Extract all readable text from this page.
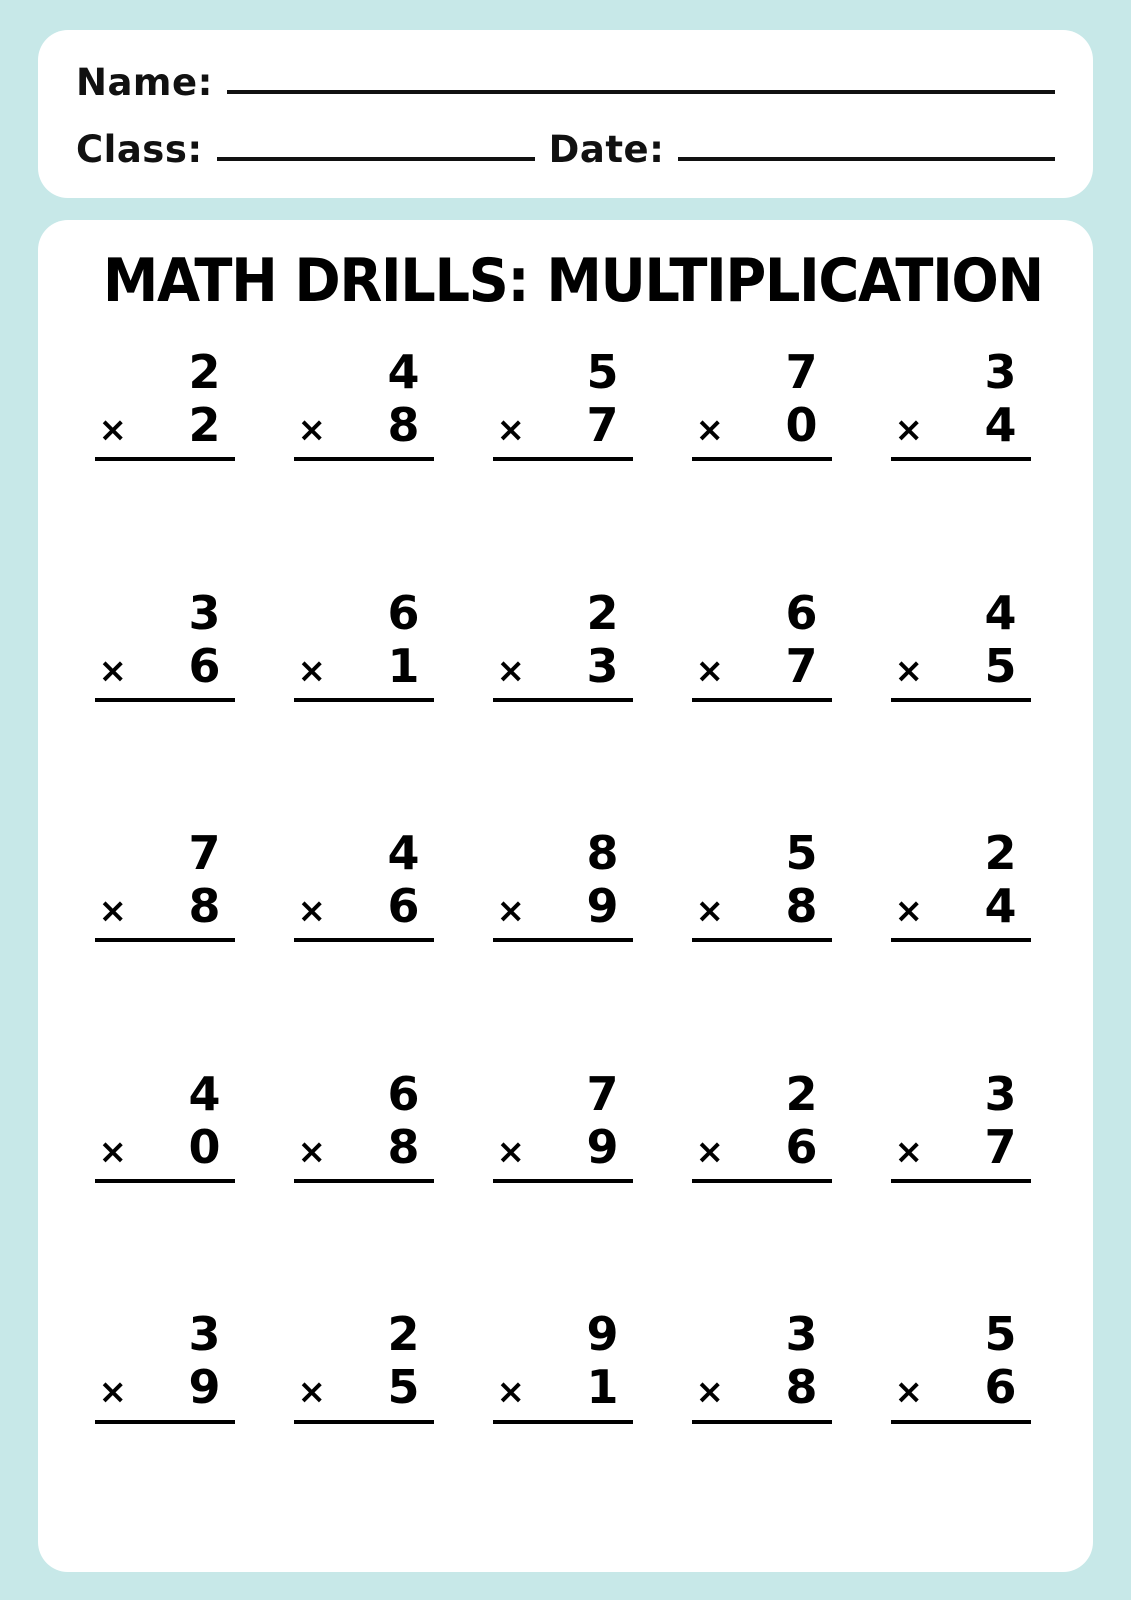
Name:
Class:	Date:
MATH DRILLS: MULTIPLICATION
2
× 2
4
× 8
5
× 7
7
× 0
3
× 4
3
× 6
6
× 1
2
× 3
6
× 7
4
× 5
7
× 8
4
× 6
8
× 9
5
× 8
2
× 4
4
× 0
6
× 8
7
× 9
2
× 6
3
× 7
3
× 9
2
× 5
9
× 1
3
× 8
5
× 6
